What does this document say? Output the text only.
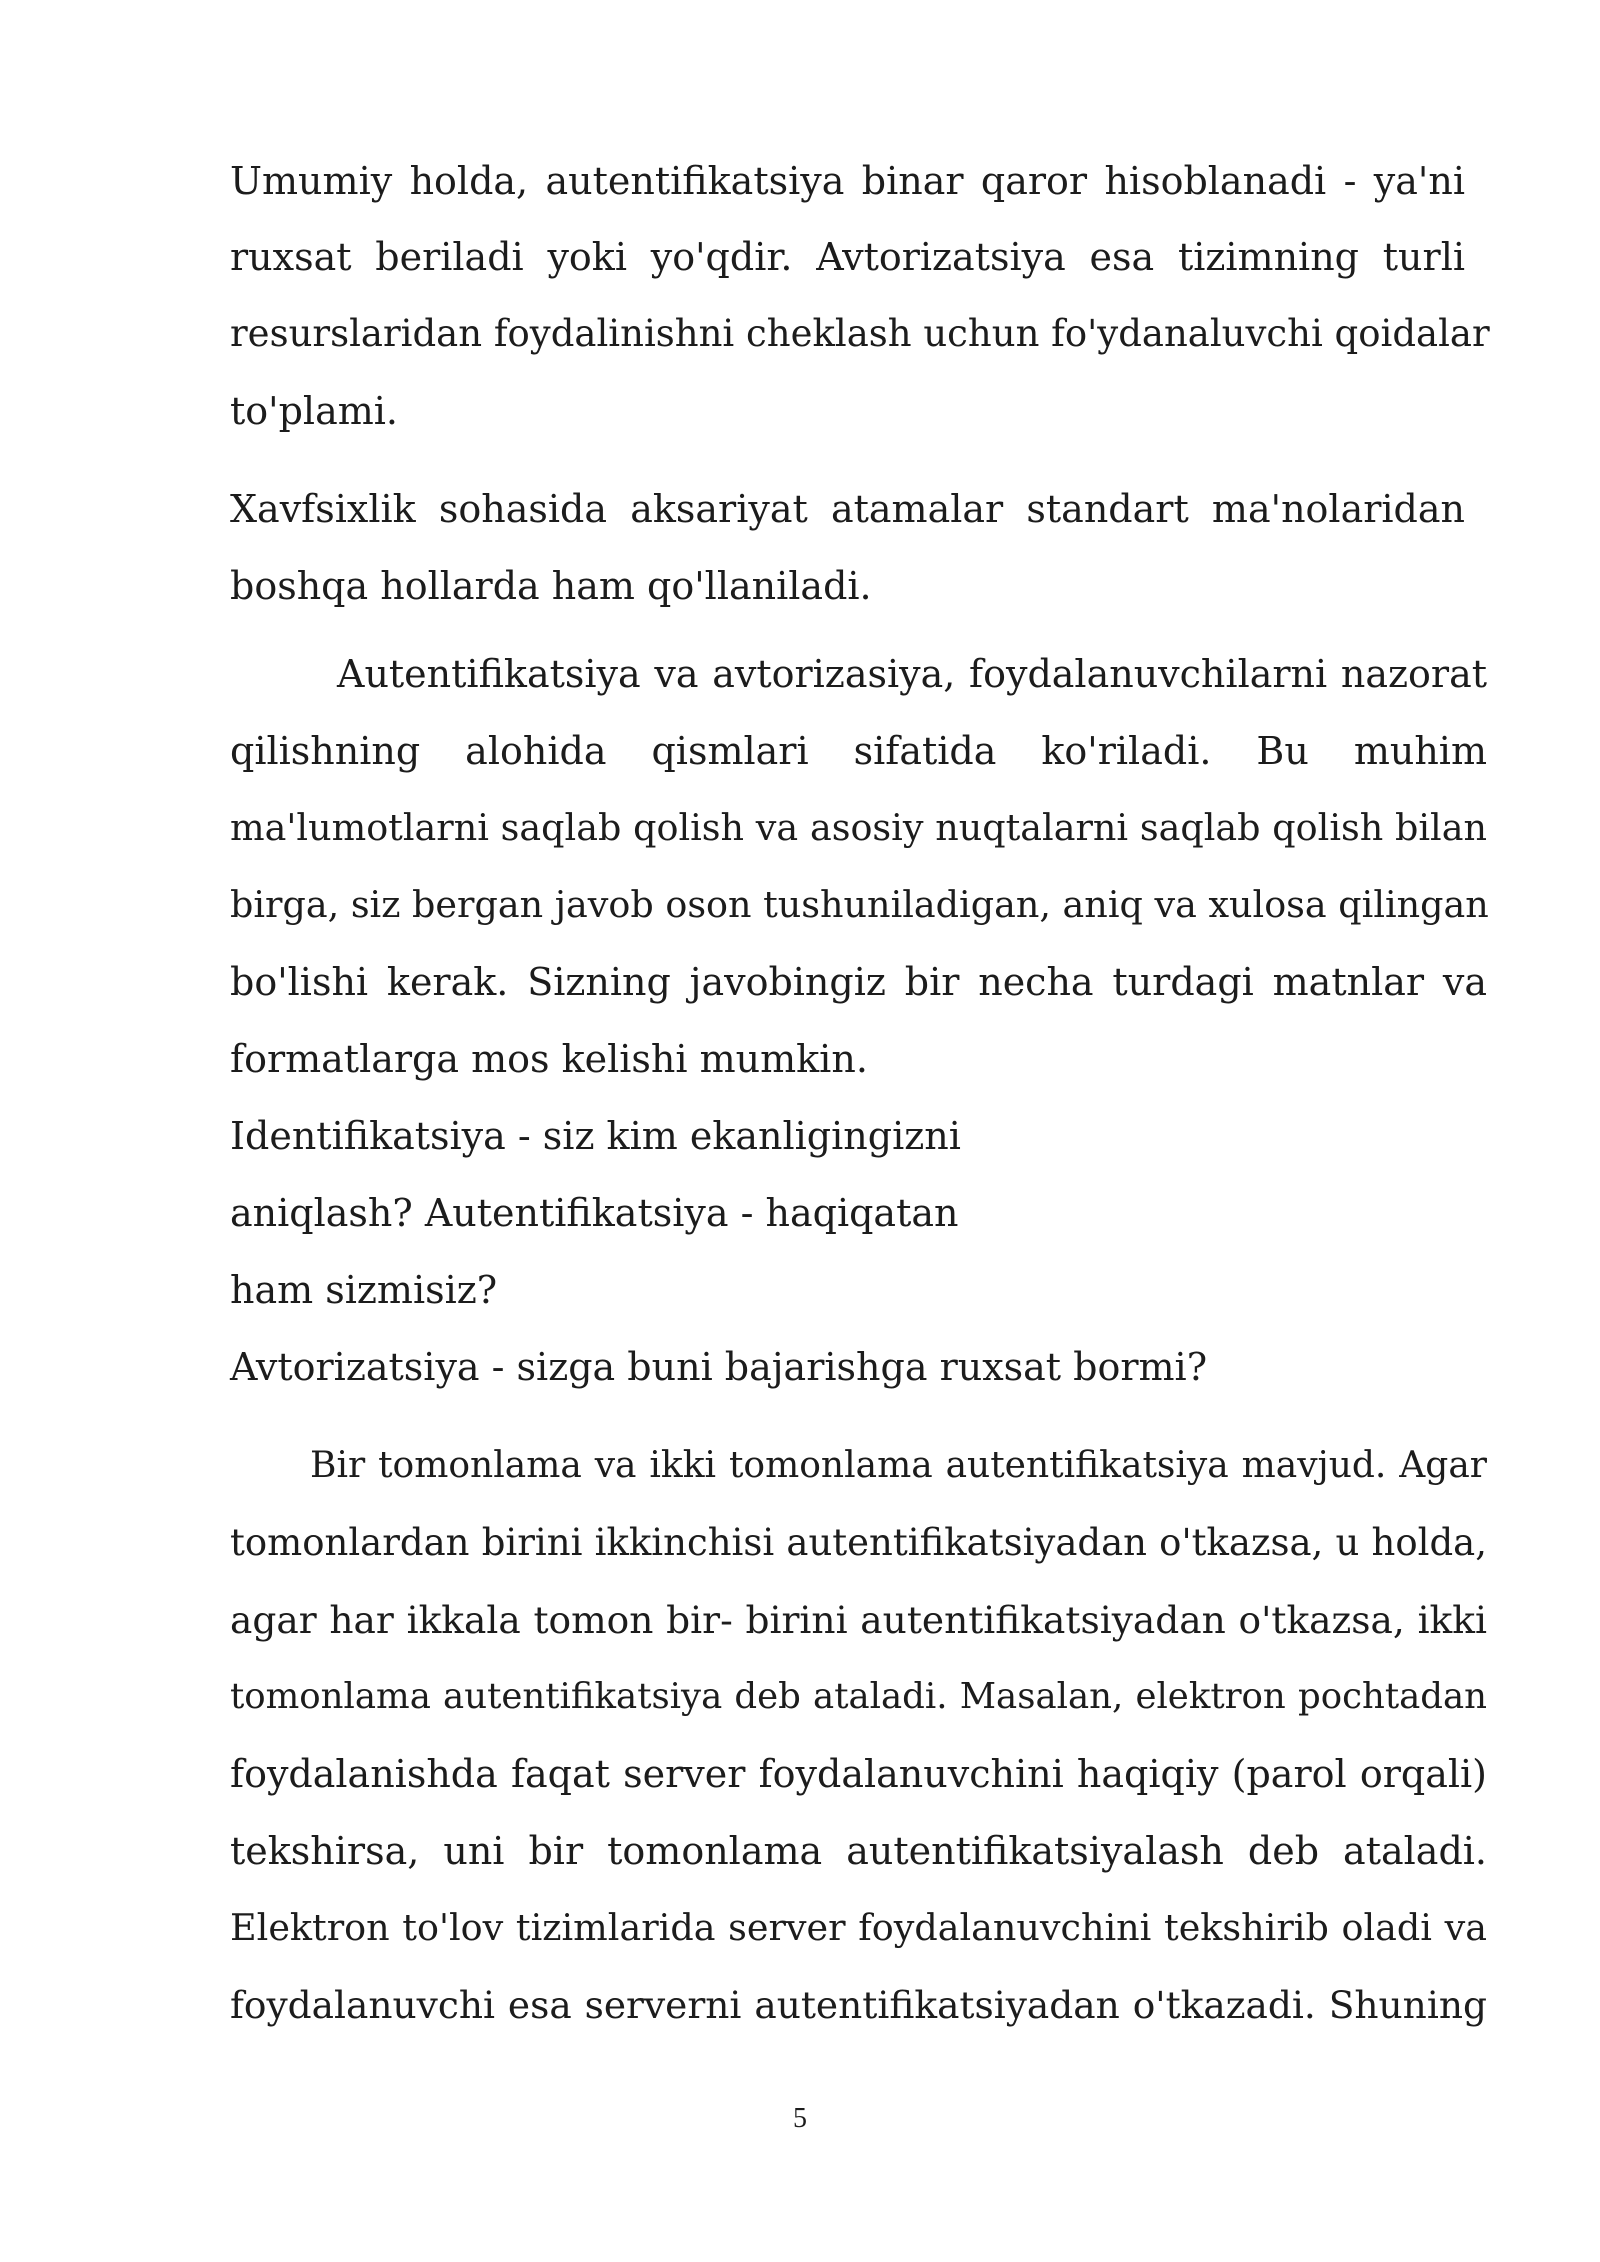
Umumiy holda, autentifikatsiya binar qaror hisoblanadi - ya'ni
ruxsat beriladi yoki yo'qdir. Avtorizatsiya esa tizimning turli
resurslaridan foydalinishni cheklash uchun fo'ydanaluvchi qoidalar
to'plami.
Xavfsixlik sohasida aksariyat atamalar standart ma'nolaridan
boshqa hollarda ham qo'llaniladi.
Autentifikatsiya va avtorizasiya, foydalanuvchilarni nazorat
qilishning alohida qismlari sifatida ko'riladi. Bu muhim
ma'lumotlarni saqlab qolish va asosiy nuqtalarni saqlab qolish bilan
birga, siz bergan javob oson tushuniladigan, aniq va xulosa qilingan
bo'lishi kerak. Sizning javobingiz bir necha turdagi matnlar va
formatlarga mos kelishi mumkin.
Identifikatsiya - siz kim ekanligingizni
aniqlash? Autentifikatsiya - haqiqatan
ham sizmisiz?
Avtorizatsiya - sizga buni bajarishga ruxsat bormi?
Bir tomonlama va ikki tomonlama autentifikatsiya mavjud. Agar
tomonlardan birini ikkinchisi autentifikatsiyadan o'tkazsa, u holda,
agar har ikkala tomon bir- birini autentifikatsiyadan o'tkazsa, ikki
tomonlama autentifikatsiya deb ataladi. Masalan, elektron pochtadan
foydalanishda faqat server foydalanuvchini haqiqiy (parol orqali)
tekshirsa, uni bir tomonlama autentifikatsiyalash deb ataladi.
Elektron to'lov tizimlarida server foydalanuvchini tekshirib oladi va
foydalanuvchi esa serverni autentifikatsiyadan o'tkazadi. Shuning
5
